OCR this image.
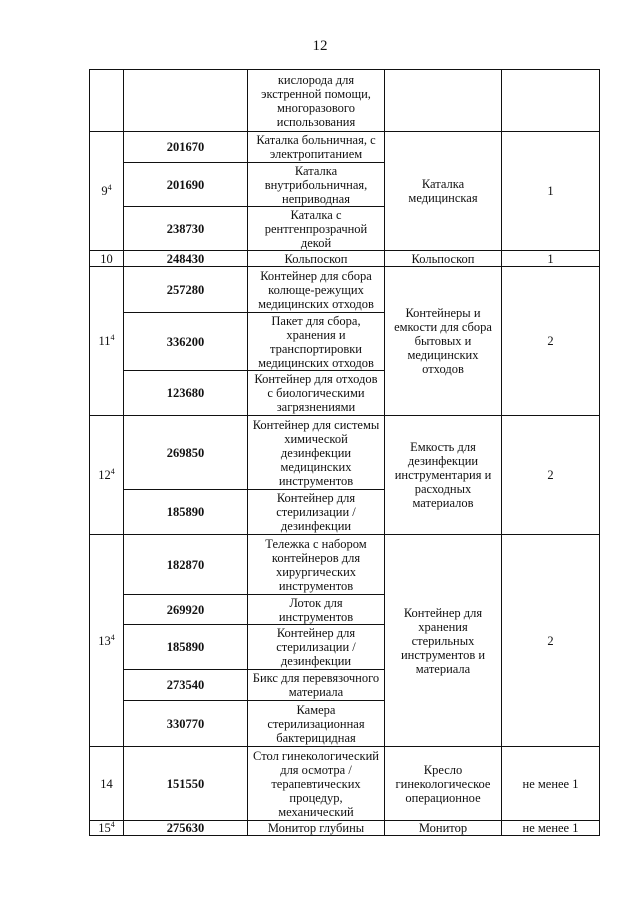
12
		кислорода для экстренной помощи, многоразового использования		
$9^4$	201670	Каталка больничная, с электропитанием	Каталка медицинская	1
	201690	Каталка внутрибольничная, неприводная		
	238730	Каталка с рентгенпрозрачной декой		
10	248430	Кольпоскоп	Кольпоскоп	1
$11^4$	257280	Контейнер для сбора колюще-режущих медицинских отходов	Контейнеры и емкости для сбора бытовых и медицинских отходов	2
	336200	Пакет для сбора, хранения и транспортировки медицинских отходов		
	123680	Контейнер для отходов с биологическими загрязнениями		
$12^4$	269850	Контейнер для системы химической дезинфекции медицинских инструментов	Емкость для дезинфекции инструментария и расходных материалов	2
	185890	Контейнер для стерилизации /дезинфекции		
$13^4$	182870	Тележка с набором контейнеров для хирургических инструментов	Контейнер для хранения стерильных инструментов и материала	2
	269920	Лоток для инструментов		
	185890	Контейнер для стерилизации /дезинфекции		
	273540	Бикс для перевязочного материала		
	330770	Камера стерилизационная бактерицидная		
14	151550	Стол гинекологический для осмотра /терапевтических процедур, механический	Кресло гинекологическое операционное	не менее 1
$15^4$	275630	Монитор глубины	Монитор	не менее 1
